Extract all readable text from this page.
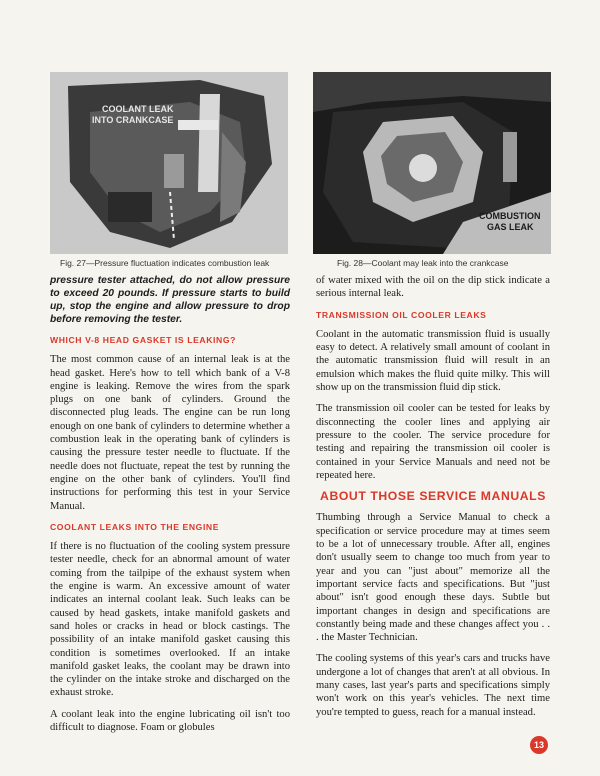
COOLANT LEAK
INTO CRANKCASE
Fig. 27—Pressure fluctuation indicates combustion leak
COMBUSTION
GAS LEAK
Fig. 28—Coolant may leak into the crankcase

pressure tester attached, do not allow pressure to exceed 20 pounds. If pressure starts to build up, stop the engine and allow pressure to drop before removing the tester.

WHICH V-8 HEAD GASKET IS LEAKING?

The most common cause of an internal leak is at the head gasket. Here's how to tell which bank of a V-8 engine is leaking. Remove the wires from the spark plugs on one bank of cylinders. Ground the disconnected plug leads. The engine can be run long enough on one bank of cylinders to determine whether a combustion leak in the operating bank of cylinders is causing the pressure tester needle to fluctuate. If the needle does not fluctuate, repeat the test by running the engine on the other bank of cylinders. You'll find instructions for performing this test in your Service Manual.

COOLANT LEAKS INTO THE ENGINE

If there is no fluctuation of the cooling system pressure tester needle, check for an abnormal amount of water coming from the tailpipe of the exhaust system when the engine is warm. An excessive amount of water indicates an internal coolant leak. Such leaks can be caused by head gaskets, intake manifold gaskets and sand holes or cracks in head or block castings. The possibility of an intake manifold gasket causing this condition is sometimes overlooked. If an intake manifold gasket leaks, the coolant may be drawn into the cylinder on the intake stroke and discharged on the exhaust stroke.

A coolant leak into the engine lubricating oil isn't too difficult to diagnose. Foam or globules

of water mixed with the oil on the dip stick indicate a serious internal leak.

TRANSMISSION OIL COOLER LEAKS

Coolant in the automatic transmission fluid is usually easy to detect. A relatively small amount of coolant in the automatic transmission fluid will result in an emulsion which makes the fluid quite milky. This will show up on the transmission fluid dip stick.

The transmission oil cooler can be tested for leaks by disconnecting the cooler lines and applying air pressure to the cooler. The service procedure for testing and repairing the transmission oil cooler is contained in your Service Manuals and need not be repeated here.

ABOUT THOSE SERVICE MANUALS

Thumbing through a Service Manual to check a specification or service procedure may at times seem to be a lot of unnecessary trouble. After all, engines don't usually seem to change too much from year to year and you can "just about" memorize all the important service facts and specifications. But "just about" isn't good enough these days. Subtle but important changes in design and specifications are constantly being made and these changes affect you . . . the Master Technician.

The cooling systems of this year's cars and trucks have undergone a lot of changes that aren't at all obvious. In many cases, last year's parts and specifications simply won't work on this year's vehicles. The next time you're tempted to guess, reach for a manual instead.

13
